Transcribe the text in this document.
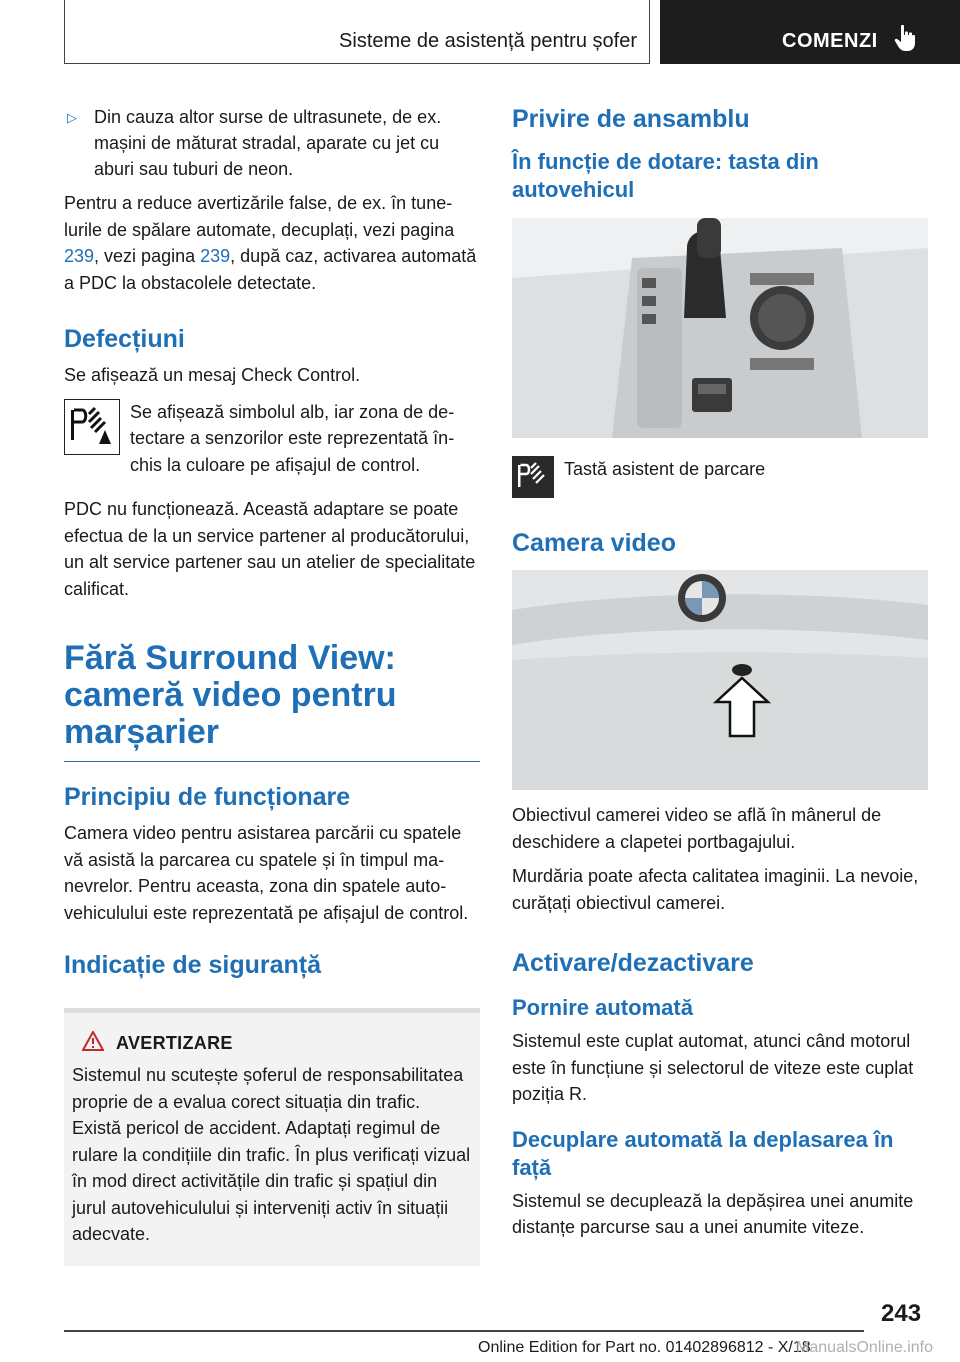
Sisteme de asistență pentru șofer	COMENZI
▷ Din cauza altor surse de ultrasunete, de ex. mașini de măturat stradal, aparate cu jet cu aburi sau tuburi de neon.

Pentru a reduce avertizările false, de ex. în tunelurile de spălare automate, decuplați, vezi pagina 239, vezi pagina 239, după caz, activarea automată a PDC la obstacolele detectate.

Defecțiuni

Se afișează un mesaj Check Control.

Se afișează simbolul alb, iar zona de detectare a senzorilor este reprezentată închis la culoare pe afișajul de control.

PDC nu funcționează. Această adaptare se poate efectua de la un service partener al producătorului, un alt service partener sau un atelier de specialitate calificat.

Fără Surround View: cameră video pentru marșarier
Principiu de funcționare

Camera video pentru asistarea parcării cu spatele vă asistă la parcarea cu spatele și în timpul manevrelor. Pentru aceasta, zona din spatele autovehiculului este reprezentată pe afișajul de control.

Indicație de siguranță
AVERTIZARE

Sistemul nu scutește șoferul de responsabilitatea proprie de a evalua corect situația din trafic. Există pericol de accident. Adaptați regimul de rulare la condițiile din trafic. În plus verificați vizual în mod direct activitățile din trafic și spațiul din jurul autovehiculului și interveniți activ în situații adecvate.

Privire de ansamblu
În funcție de dotare: tasta din autovehicul

Tastă asistent de parcare

Camera video

Obiectivul camerei video se află în mânerul de deschidere a clapetei portbagajului.

Murdăria poate afecta calitatea imaginii. La nevoie, curățați obiectivul camerei.

Activare/dezactivare
Pornire automată

Sistemul este cuplat automat, atunci când motorul este în funcțiune și selectorul de viteze este cuplat poziția R.

Decuplare automată la deplasarea în față

Sistemul se decuplează la depășirea unei anumite distanțe parcurse sau a unei anumite viteze.

243
Online Edition for Part no. 01402896812 - X/18
ManualsOnline.info
